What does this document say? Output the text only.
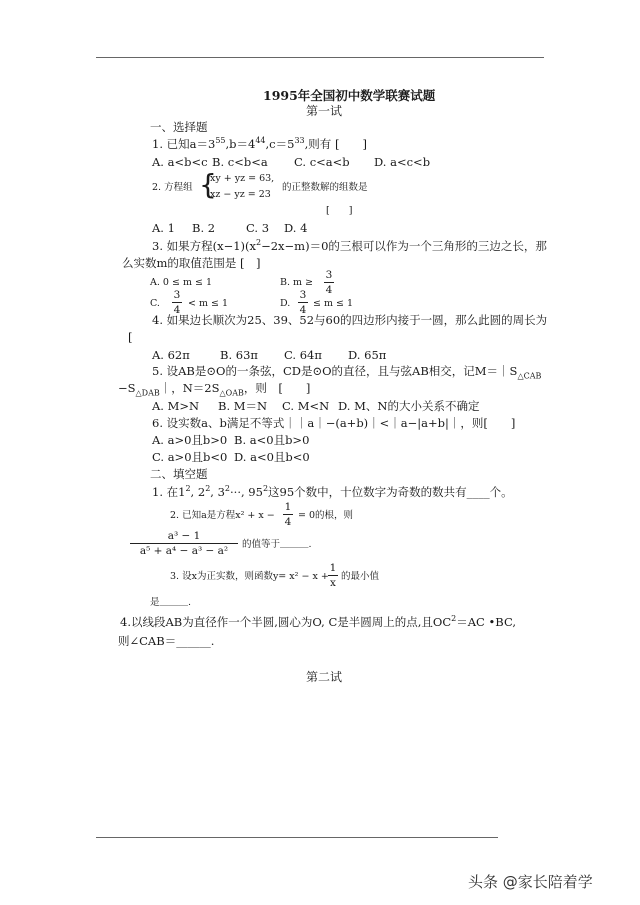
1995年全国初中数学联赛试题
第一试
一、选择题
1. 已知$a=3^{55},b=4^{44},c=5^{33}$,则有 [　　]
A. a<b<c B. c<b<a C. c<a<b D. a<c<b
2. 方程组 {
xy + yz = 63,
xz − yz = 23
的正整数解的组数是
[　　]
A. 1 B. 2	C. 3 D. 4
3. 如果方程$(x-1)(x^2-2x-m)=0$的三根可以作为一个三角形的三边之长，那
么实数m的取值范围是 [　]
A. 0 ≤ m ≤ 1	B. m ≥
3
4
C.
3
4
< m ≤ 1	D.
3
4
≤ m ≤ 1
4. 如果边长顺次为25、39、52与60的四边形内接于一圆，那么此圆的周长为
[
A. 62π	B. 63π C. 64π D. 65π
5. 设AB是⊙O的一条弦，CD是⊙O的直径，且与弦AB相交，记$M=|S_{\triangle CAB}$
$-S_{\triangle DAB}|$，$N=2S_{\triangle OAB}$，则　[　　]
A. M>N B. M＝N C. M<N D. M、N的大小关系不确定
6. 设实数a、b满足不等式｜｜a｜−(a+b)｜<｜a−|a+b|｜，则[　　]
A. a>0且b>0 B. a<0且b>0
C. a>0且b<0 D. a<0且b<0
二、填空题
1. 在$1^2$, $2^2$, $3^2\cdot\cdot\cdot$, $95^2$这95个数中，十位数字为奇数的数共有____个。
2. 已知a是方程x² + x −
1
4
= 0的根，则
a³ − 1
a⁵ + a⁴ − a³ − a²
的值等于＿＿＿.
3. 设x为正实数，则函数y= x² − x +
1
x
的最小值
是＿＿＿.
4.以线段AB为直径作一个半圆,圆心为O, C是半圆周上的点,且$OC^2=AC$ •BC,
则∠CAB＝______.
第二试
头条 @家长陪着学
